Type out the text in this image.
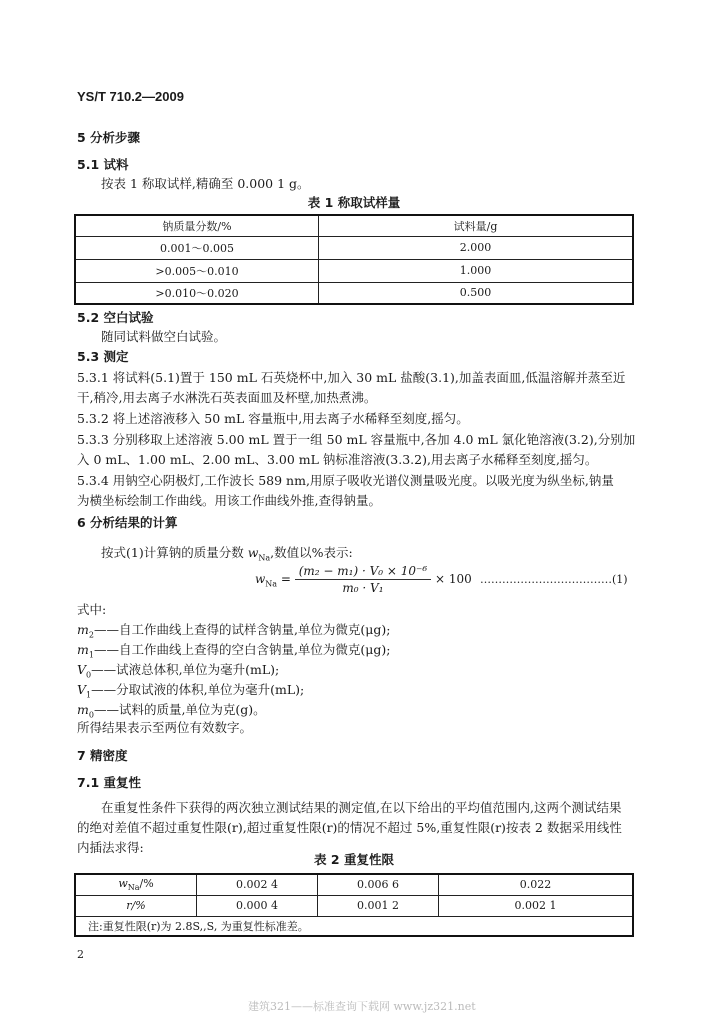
YS/T 710.2—2009
5 分析步骤
5.1 试料
按表 1 称取试样,精确至 0.000 1 g。
表 1 称取试样量
钠质量分数/%	试料量/g
0.001～0.005	2.000
>0.005～0.010	1.000
>0.010～0.020	0.500
5.2 空白试验
随同试料做空白试验。
5.3 测定
5.3.1 将试料(5.1)置于 150 mL 石英烧杯中,加入 30 mL 盐酸(3.1),加盖表面皿,低温溶解并蒸至近
干,稍冷,用去离子水淋洗石英表面皿及杯壁,加热煮沸。
5.3.2 将上述溶液移入 50 mL 容量瓶中,用去离子水稀释至刻度,摇匀。
5.3.3 分别移取上述溶液 5.00 mL 置于一组 50 mL 容量瓶中,各加 4.0 mL 氯化铯溶液(3.2),分别加
入 0 mL、1.00 mL、2.00 mL、3.00 mL 钠标准溶液(3.3.2),用去离子水稀释至刻度,摇匀。
5.3.4 用钠空心阴极灯,工作波长 589 nm,用原子吸收光谱仪测量吸光度。以吸光度为纵坐标,钠量
为横坐标绘制工作曲线。用该工作曲线外推,查得钠量。
6 分析结果的计算
按式(1)计算钠的质量分数 $w_{Na}$,数值以%表示:
$w_{Na} = \frac{\text{(m₂ − m₁) · V₀ × 10⁻⁶}}{\text{m₀ · V₁}} \times 100$ ………………………………(1)
式中:
$m_2——$自工作曲线上查得的试样含钠量,单位为微克(μg);
$m_1——$自工作曲线上查得的空白含钠量,单位为微克(μg);
$V_0——$试液总体积,单位为毫升(mL);
$V_1——$分取试液的体积,单位为毫升(mL);
$m_0——$试料的质量,单位为克(g)。
所得结果表示至两位有效数字。
7 精密度
7.1 重复性
在重复性条件下获得的两次独立测试结果的测定值,在以下给出的平均值范围内,这两个测试结果
的绝对差值不超过重复性限(r),超过重复性限(r)的情况不超过 5%,重复性限(r)按表 2 数据采用线性
内插法求得:
表 2 重复性限
$w_{Na}/\%$	0.002 4	0.006 6	0.022
r/%	0.000 4	0.001 2	0.002 1
注:重复性限(r)为 2.8S,,S, 为重复性标准差。			
2
建筑321——标准查询下载网 www.jz321.net
